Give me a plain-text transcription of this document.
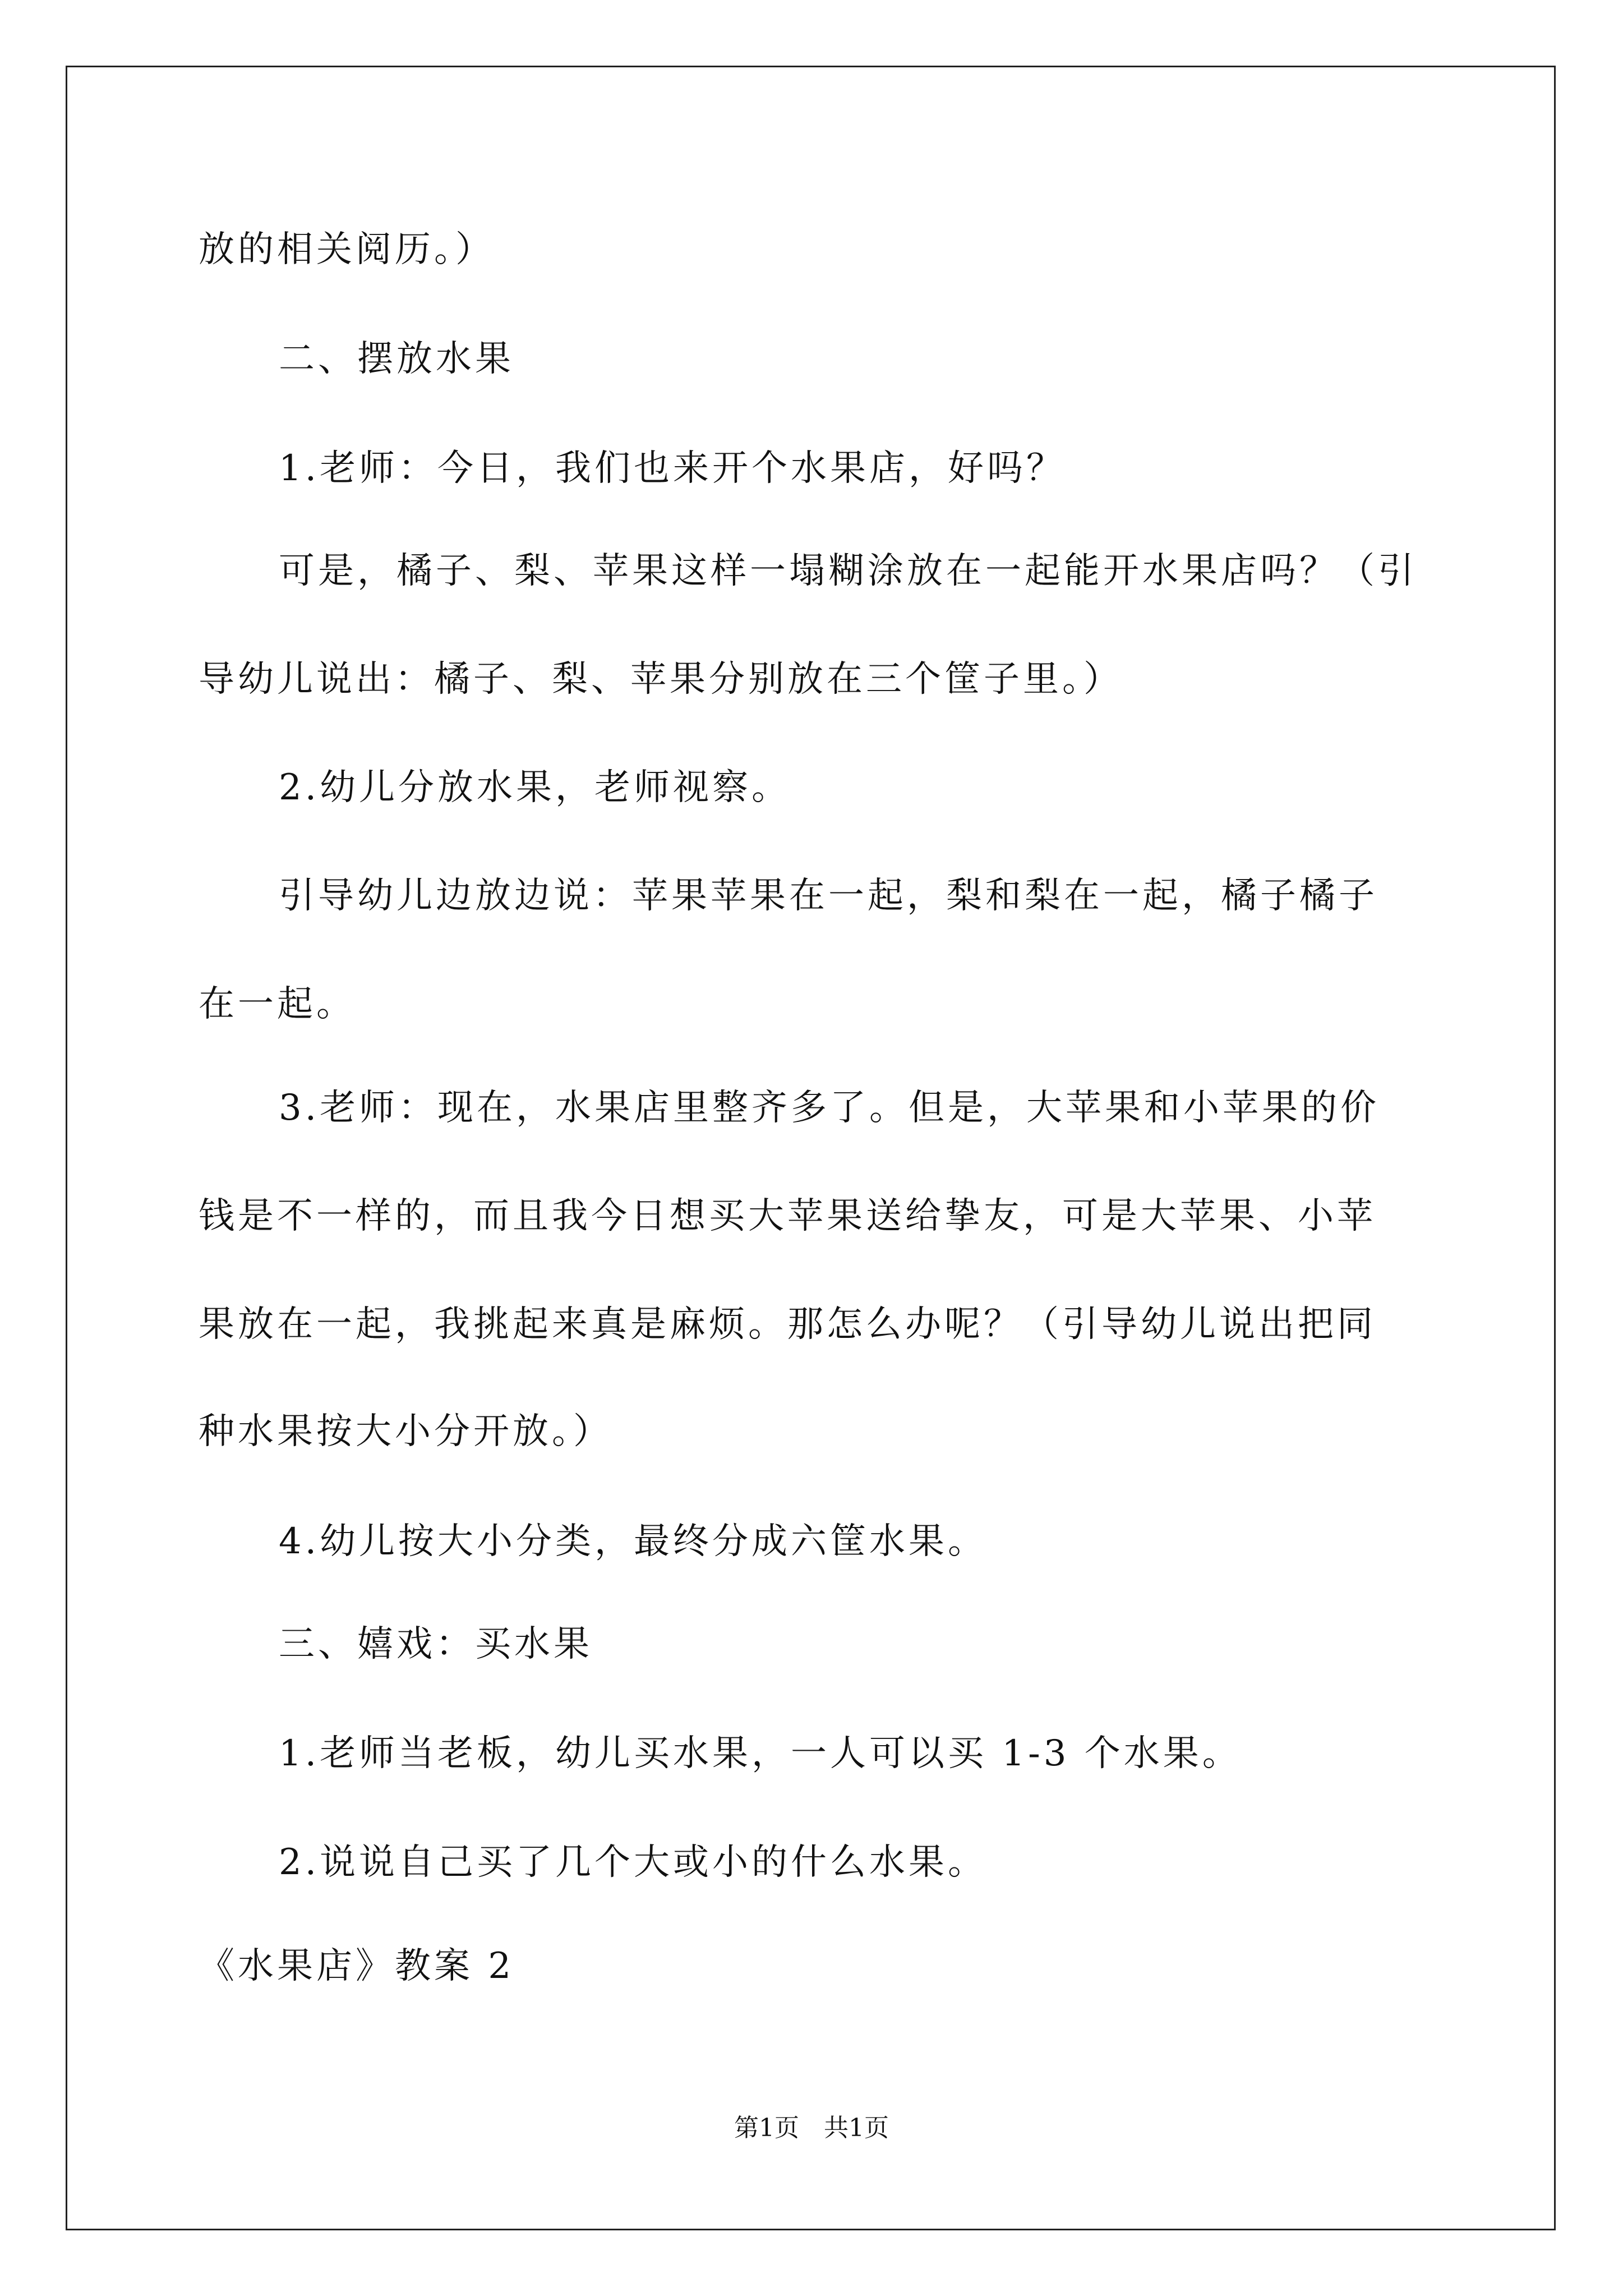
放的相关阅历。）
二、摆放水果
1.老师：今日，我们也来开个水果店，好吗？
可是，橘子、梨、苹果这样一塌糊涂放在一起能开水果店吗？（引
导幼儿说出：橘子、梨、苹果分别放在三个筐子里。）
2.幼儿分放水果，老师视察。
引导幼儿边放边说：苹果苹果在一起，梨和梨在一起，橘子橘子
在一起。
3.老师：现在，水果店里整齐多了。但是，大苹果和小苹果的价
钱是不一样的，而且我今日想买大苹果送给挚友，可是大苹果、小苹
果放在一起，我挑起来真是麻烦。那怎么办呢？（引导幼儿说出把同
种水果按大小分开放。）
4.幼儿按大小分类，最终分成六筐水果。
三、嬉戏：买水果
1.老师当老板，幼儿买水果，一人可以买 1-3 个水果。
2.说说自己买了几个大或小的什么水果。
《水果店》教案 2
第1页　共1页
